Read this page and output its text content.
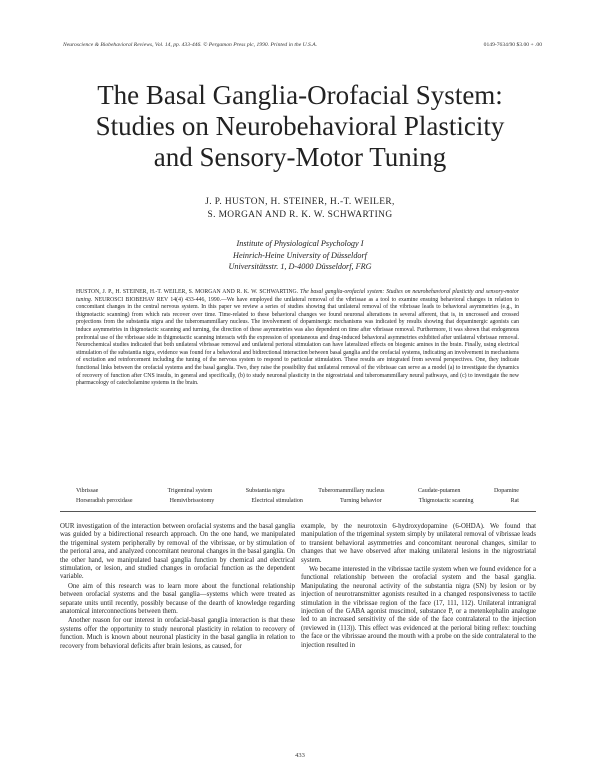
Neuroscience & Biobehavioral Reviews, Vol. 14, pp. 433-446. © Pergamon Press plc, 1990. Printed in the U.S.A.	0149-7634/90 $3.00 + .00
The Basal Ganglia-Orofacial System:
Studies on Neurobehavioral Plasticity
and Sensory-Motor Tuning
J. P. HUSTON, H. STEINER, H.-T. WEILER,
S. MORGAN AND R. K. W. SCHWARTING
Institute of Physiological Psychology I
Heinrich-Heine University of Düsseldorf
Universitätsstr. 1, D-4000 Düsseldorf, FRG
HUSTON, J. P., H. STEINER, H.-T. WEILER, S. MORGAN AND R. K. W. SCHWARTING. The basal ganglia-orofacial system: Studies on neurobehavioral plasticity and sensory-motor tuning. NEUROSCI BIOBEHAV REV 14(4) 433-446, 1990.—We have employed the unilateral removal of the vibrissae as a tool to examine ensuing behavioral changes in relation to concomitant changes in the central nervous system. In this paper we review a series of studies showing that unilateral removal of the vibrissae leads to behavioral asymmetries (e.g., in thigmotactic scanning) from which rats recover over time. Time-related to these behavioral changes we found neuronal alterations in several afferent, that is, in uncrossed and crossed projections from the substantia nigra and the tuberomammillary nucleus. The involvement of dopaminergic mechanisms was indicated by results showing that dopaminergic agonists can induce asymmetries in thigmotactic scanning and turning, the direction of these asymmetries was also dependent on time after vibrissae removal. Furthermore, it was shown that endogenous prefrontal use of the vibrissae side in thigmotactic scanning interacts with the expression of spontaneous and drug-induced behavioral asymmetries exhibited after unilateral vibrissae removal. Neurochemical studies indicated that both unilateral vibrissae removal and unilateral perioral stimulation can have lateralized effects on biogenic amines in the brain. Finally, using electrical stimulation of the substantia nigra, evidence was found for a behavioral and bidirectional interaction between basal ganglia and the orofacial systems, indicating an involvement in mechanisms of excitation and reinforcement including the tuning of the nervous system to respond to particular stimulation. These results are integrated from several perspectives. One, they indicate functional links between the orofacial systems and the basal ganglia. Two, they raise the possibility that unilateral removal of the vibrissae can serve as a model (a) to investigate the dynamics of recovery of function after CNS insults, in general and specifically, (b) to study neuronal plasticity in the nigrostriatal and tuberomammillary neural pathways, and (c) to investigate the new pharmacology of catecholamine systems in the brain.
Vibrissae	Trigeminal system	Substantia nigra	Tuberomammillary nucleus	Caudate-putamen	Dopamine
Horseradish peroxidase	Hemivibrissotomy	Electrical stimulation	Turning behavior	Thigmotactic scanning	Rat

OUR investigation of the interaction between orofacial systems and the basal ganglia was guided by a bidirectional research approach. On the one hand, we manipulated the trigeminal system peripherally by removal of the vibrissae, or by stimulation of the perioral area, and analyzed concomitant neuronal changes in the basal ganglia. On the other hand, we manipulated basal ganglia function by chemical and electrical stimulation, or lesion, and studied changes in orofacial function as the dependent variable.

One aim of this research was to learn more about the functional relationship between orofacial systems and the basal ganglia—systems which were treated as separate units until recently, possibly because of the dearth of knowledge regarding anatomical interconnections between them.

Another reason for our interest in orofacial-basal ganglia interaction is that these systems offer the opportunity to study neuronal plasticity in relation to recovery of function. Much is known about neuronal plasticity in the basal ganglia in relation to recovery from behavioral deficits after brain lesions, as caused, for

example, by the neurotoxin 6-hydroxydopamine (6-OHDA). We found that manipulation of the trigeminal system simply by unilateral removal of vibrissae leads to transient behavioral asymmetries and concomitant neuronal changes, similar to changes that we have observed after making unilateral lesions in the nigrostriatal system.

We became interested in the vibrissae tactile system when we found evidence for a functional relationship between the orofacial system and the basal ganglia. Manipulating the neuronal activity of the substantia nigra (SN) by lesion or by injection of neurotransmitter agonists resulted in a changed responsiveness to tactile stimulation in the vibrissae region of the face (17, 111, 112). Unilateral intranigral injection of the GABA agonist muscimol, substance P, or a metenkephalin analogue led to an increased sensitivity of the side of the face contralateral to the injection (reviewed in (113)). This effect was evidenced at the perioral biting reflex: touching the face or the vibrissae around the mouth with a probe on the side contralateral to the injection resulted in

433
